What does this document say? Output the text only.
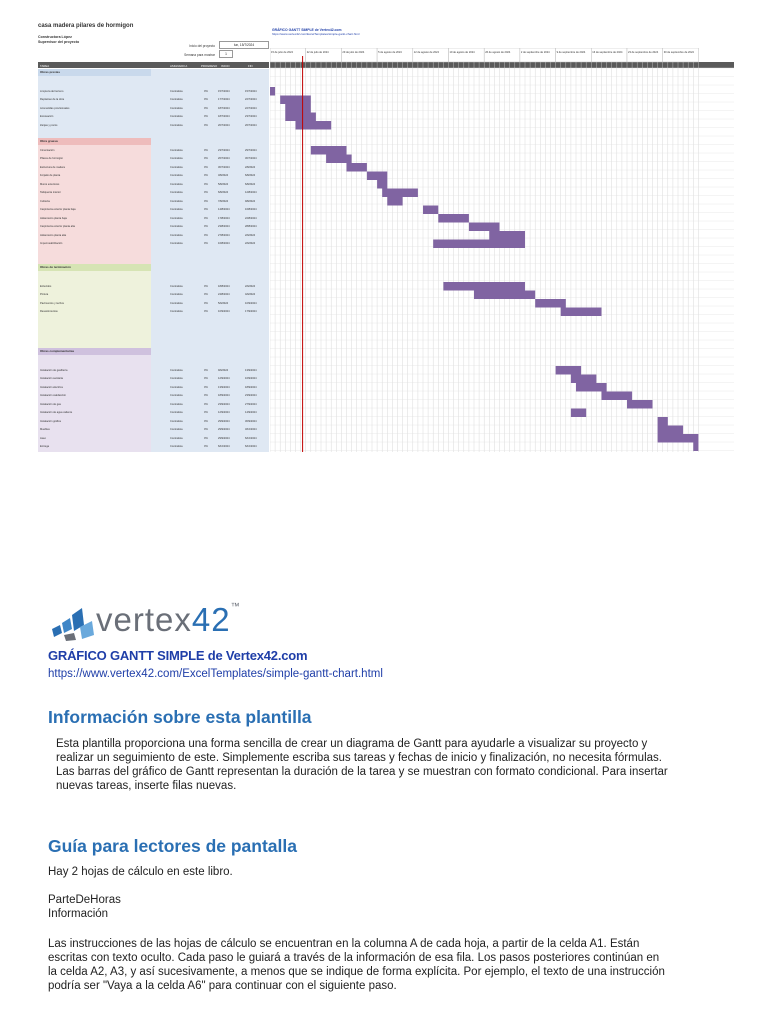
casa madera pilares de hormigon
Constructora López
Supervisor del proyecto
Inicio del proyecto	lun, 15/7/2024
Semana para mostrar	1
GRÁFICO GANTT SIMPLE de Vertex42.com
https://www.vertex42.com/ExcelTemplates/simple-gantt-chart.html
TAREA	ASIGNADO A	PROGRESO INICIO	FIN
Obras previas
Limpieza del terreno	Contratista	0%	15/7/2024	15/7/2024
Replanteo de la obra	Contratista	0%	17/7/2024	22/7/2024
Acometidas provisionales	Contratista	0%	18/7/2024	22/7/2024
Excavación	Contratista	0%	18/7/2024	23/7/2024
Zanjas y pozos	Contratista	0%	20/7/2024	26/7/2024
Obra gruesa
Cimentación	Contratista	0%	23/7/2024	29/7/2024
Pilares de hormigón	Contratista	0%	26/7/2024	30/7/2024
Estructura de madera	Contratista	0%	30/7/2024	2/8/2024
Forjado de planta	Contratista	0%	3/8/2024	6/8/2024
Muros exteriores	Contratista	0%	5/8/2024	6/8/2024
Tabiquería interior	Contratista	0%	6/8/2024	12/8/2024
Cubierta	Contratista	0%	7/8/2024	9/8/2024
Carpintería exterior planta baja	Contratista	0%	14/8/2024	16/8/2024
Aislamiento planta baja	Contratista	0%	17/8/2024	22/8/2024
Carpintería exterior planta alta	Contratista	0%	23/8/2024	28/8/2024
Aislamiento planta alta	Contratista	0%	27/8/2024	2/9/2024
Impermeabilización	Contratista	0%	16/8/2024	2/9/2024
Obras de terminación
Enlucidos	Contratista	0%	18/8/2024	2/9/2024
Pintura	Contratista	0%	24/8/2024	4/9/2024
Pavimentos y techos	Contratista	0%	5/9/2024	10/9/2024
Revestimientos	Contratista	0%	10/9/2024	17/9/2024
Obras complementarias
Instalación de gasfitería	Contratista	0%	9/9/2024	13/9/2024
Instalación sanitaria	Contratista	0%	12/9/2024	16/9/2024
Instalación eléctrica	Contratista	0%	13/9/2024	18/9/2024
Instalación calefacción	Contratista	0%	18/9/2024	23/9/2024
Instalación de gas	Contratista	0%	23/9/2024	27/9/2024
Instalación de agua caliente	Contratista	0%	12/9/2024	14/9/2024
Instalación gráfica	Contratista	0%	29/9/2024	30/9/2024
Muebles	Contratista	0%	29/9/2024	3/10/2024
Aseo	Contratista	0%	29/9/2024	6/10/2024
Entrega	Contratista	0%	6/10/2024	6/10/2024
15 de julio de 2024	22 de julio de 2024	29 de julio de 2024	5 de agosto de 2024	12 de agosto de 2024	19 de agosto de 2024	26 de agosto de 2024	2 de septiembre de 2024	9 de septiembre de 2024	16 de septiembre de 2024 23 de septiembre de 2024 30 de septiembre de 2024
vertex42™
GRÁFICO GANTT SIMPLE de Vertex42.com
https://www.vertex42.com/ExcelTemplates/simple-gantt-chart.html
Información sobre esta plantilla
Esta plantilla proporciona una forma sencilla de crear un diagrama de Gantt para ayudarle a visualizar su proyecto y realizar un seguimiento de este. Simplemente escriba sus tareas y fechas de inicio y finalización, no necesita fórmulas. Las barras del gráfico de Gantt representan la duración de la tarea y se muestran con formato condicional. Para insertar nuevas tareas, inserte filas nuevas.
Guía para lectores de pantalla
Hay 2 hojas de cálculo en este libro.
ParteDeHoras
Información
Las instrucciones de las hojas de cálculo se encuentran en la columna A de cada hoja, a partir de la celda A1. Están escritas con texto oculto. Cada paso le guiará a través de la información de esa fila. Los pasos posteriores continúan en la celda A2, A3, y así sucesivamente, a menos que se indique de forma explícita. Por ejemplo, el texto de una instrucción podría ser "Vaya a la celda A6" para continuar con el siguiente paso.
